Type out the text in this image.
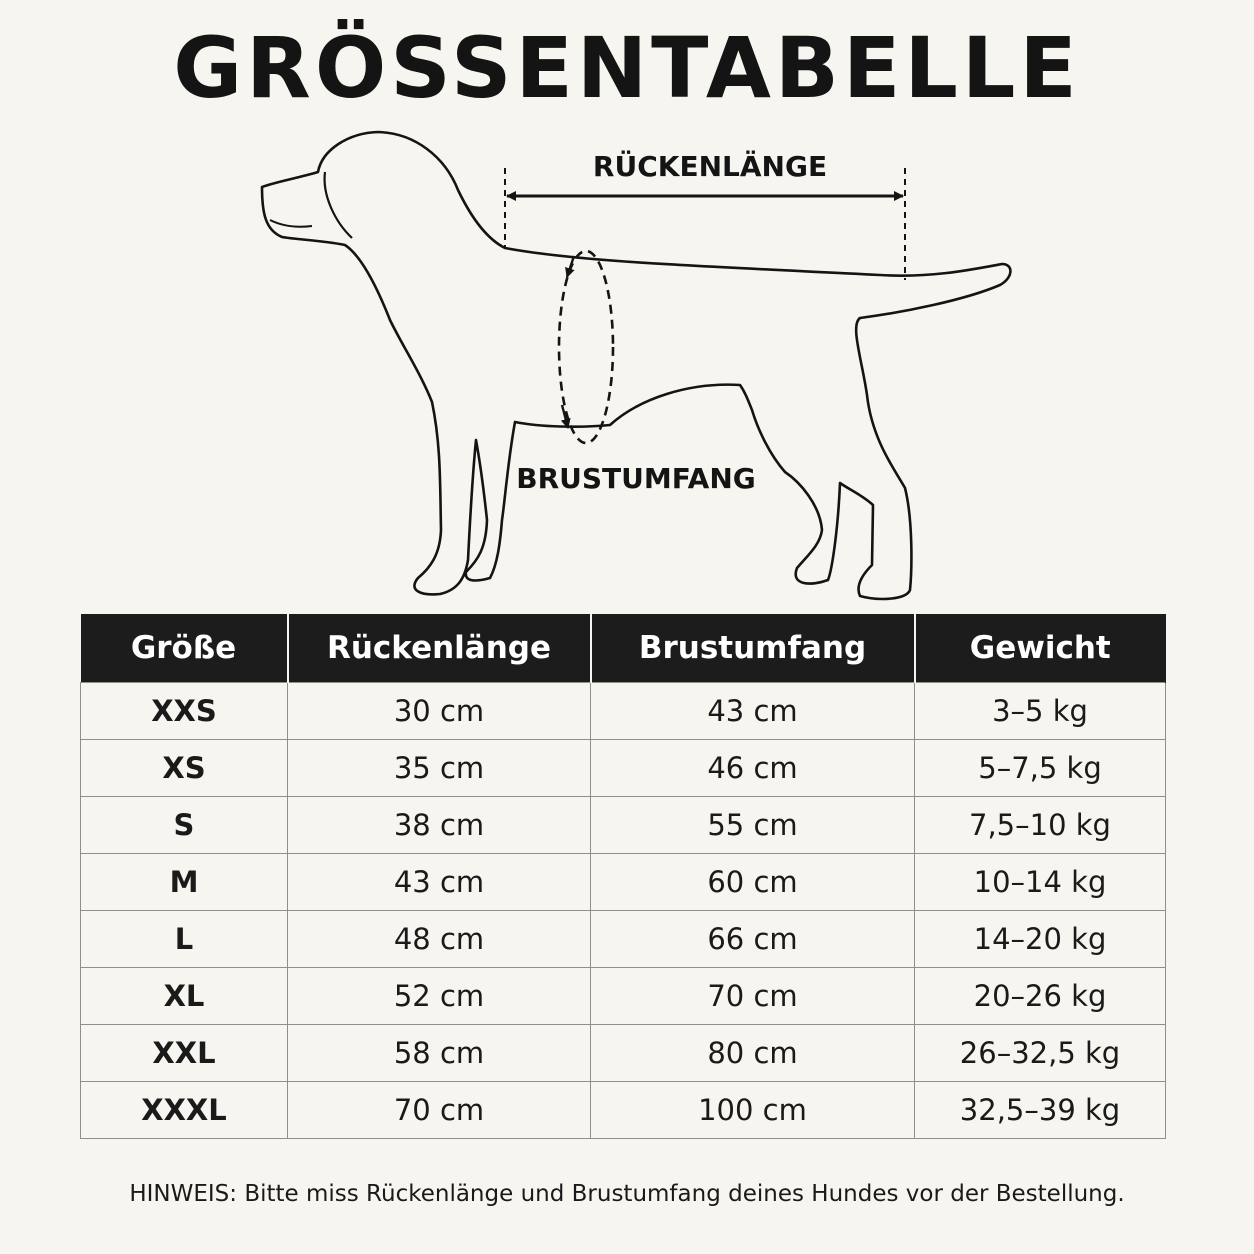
GRÖSSENTABELLE
RÜCKENLÄNGE
BRUSTUMFANG
Größe	Rückenlänge	Brustumfang	Gewicht
XXS	30 cm	43 cm	3–5 kg
XS	35 cm	46 cm	5–7,5 kg
S	38 cm	55 cm	7,5–10 kg
M	43 cm	60 cm	10–14 kg
L	48 cm	66 cm	14–20 kg
XL	52 cm	70 cm	20–26 kg
XXL	58 cm	80 cm	26–32,5 kg
XXXL	70 cm	100 cm	32,5–39 kg
HINWEIS: Bitte miss Rückenlänge und Brustumfang deines Hundes vor der Bestellung.
